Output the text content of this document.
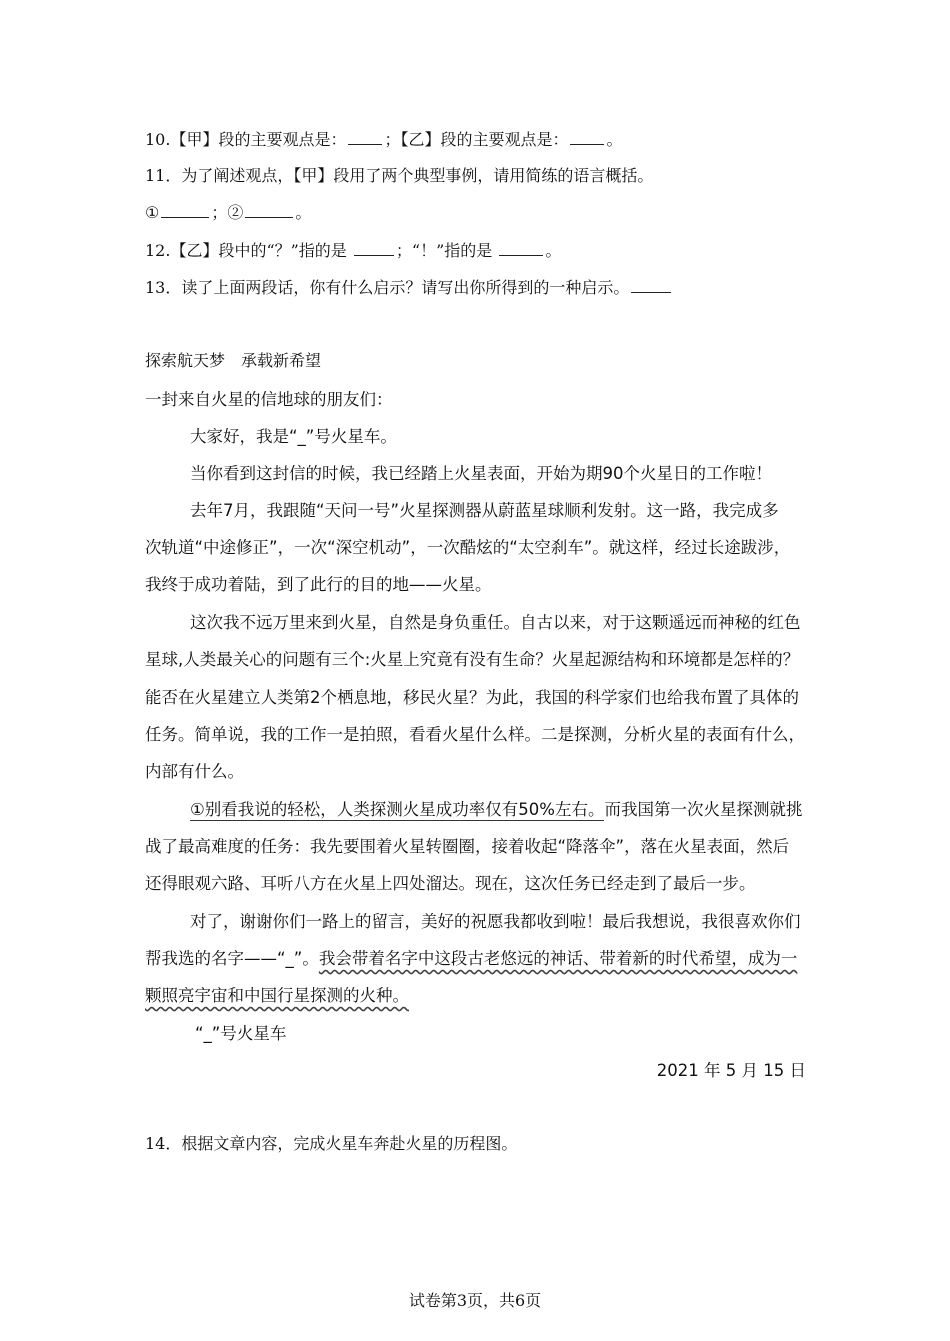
10.【甲】段的主要观点是： ；【乙】段的主要观点是： 。
11．为了阐述观点，【甲】段用了两个典型事例，请用简练的语言概括。
①	；②	。
12.【乙】段中的“？”指的是	；“！”指的是	。
13．读了上面两段话，你有什么启示？请写出你所得到的一种启示。
探索航天梦　承载新希望
一封来自火星的信地球的朋友们：
大家好，我是“_”号火星车。
当你看到这封信的时候，我已经踏上火星表面，开始为期90个火星日的工作啦！
去年7月，我跟随“天问一号”火星探测器从蔚蓝星球顺利发射。这一路，我完成多
次轨道“中途修正”，一次“深空机动”，一次酷炫的“太空刹车”。就这样，经过长途跋涉，
我终于成功着陆，到了此行的目的地——火星。
这次我不远万里来到火星，自然是身负重任。自古以来，对于这颗遥远而神秘的红色
星球,人类最关心的问题有三个:火星上究竟有没有生命？火星起源结构和环境都是怎样的？
能否在火星建立人类第2个栖息地，移民火星？为此，我国的科学家们也给我布置了具体的
任务。简单说，我的工作一是拍照，看看火星什么样。二是探测，分析火星的表面有什么，
内部有什么。
①别看我说的轻松，人类探测火星成功率仅有50%左右。而我国第一次火星探测就挑
战了最高难度的任务：我先要围着火星转圈圈，接着收起“降落伞”，落在火星表面，然后
还得眼观六路、耳听八方在火星上四处溜达。现在，这次任务已经走到了最后一步。
对了，谢谢你们一路上的留言，美好的祝愿我都收到啦！最后我想说，我很喜欢你们
帮我选的名字——“_”。我会带着名字中这段古老悠远的神话、带着新的时代希望，成为一
颗照亮宇宙和中国行星探测的火种。
“_”号火星车
2021 年 5 月 15 日
14．根据文章内容，完成火星车奔赴火星的历程图。
试卷第3页，共6页
